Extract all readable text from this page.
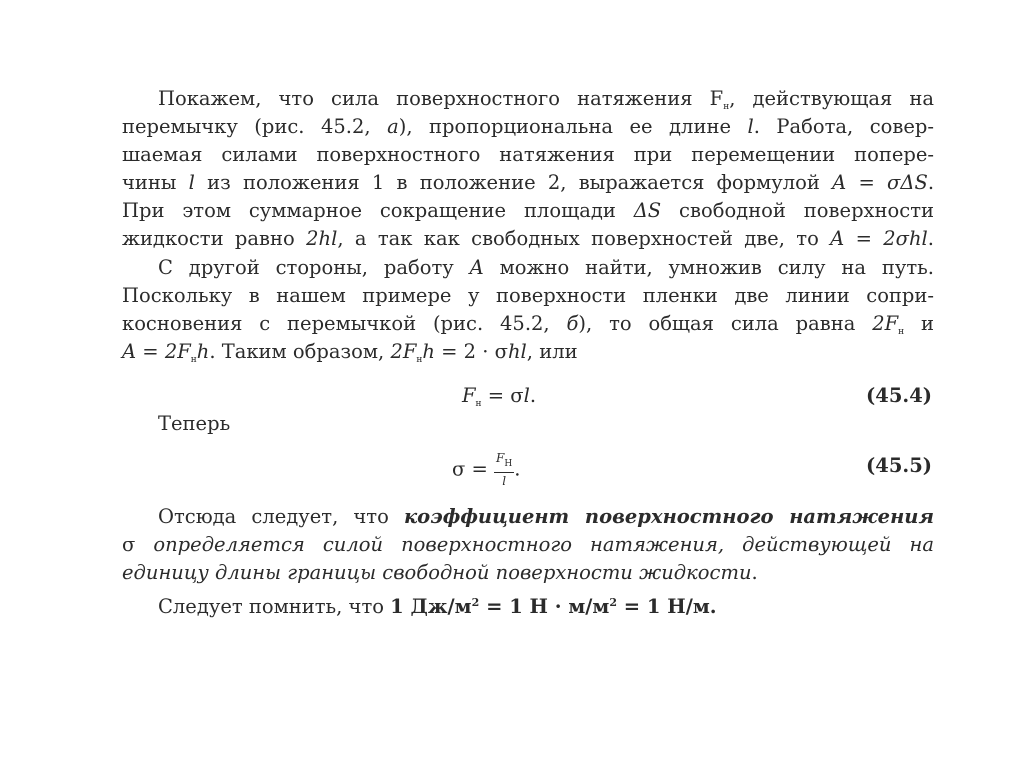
Покажем, что сила поверхностного натяжения $F_н$, действующая на

перемычку (рис. 45.2, а), пропорциональна ее длине l. Работа, совер-

шаемая силами поверхностного натяжения при перемещении попере-

чины l из положения 1 в положение 2, выражается формулой A = σΔS.

При этом суммарное сокращение площади ΔS свободной поверхности

жидкости равно 2hl, а так как свободных поверхностей две, то A = 2σhl.

С другой стороны, работу A можно найти, умножив силу на путь.

Поскольку в нашем примере у поверхности пленки две линии сопри-

косновения с перемычкой (рис. 45.2, б), то общая сила равна $2F_н$ и

$A = 2F_нh$. Таким образом, $2F_нh = 2 \cdot \sigma hl$, или

$F_н = \sigma l$.	(45.4)

Теперь

$\sigma = \frac{F_Н}{l}$ .	(45.5)

Отсюда следует, что коэффициент поверхностного натяжения

σ определяется силой поверхностного натяжения, действующей на

единицу длины границы свободной поверхности жидкости.

Следует помнить, что 1 $Дж/м^2 = 1$ $Н \cdot м/м^2 = 1$ Н/м.
